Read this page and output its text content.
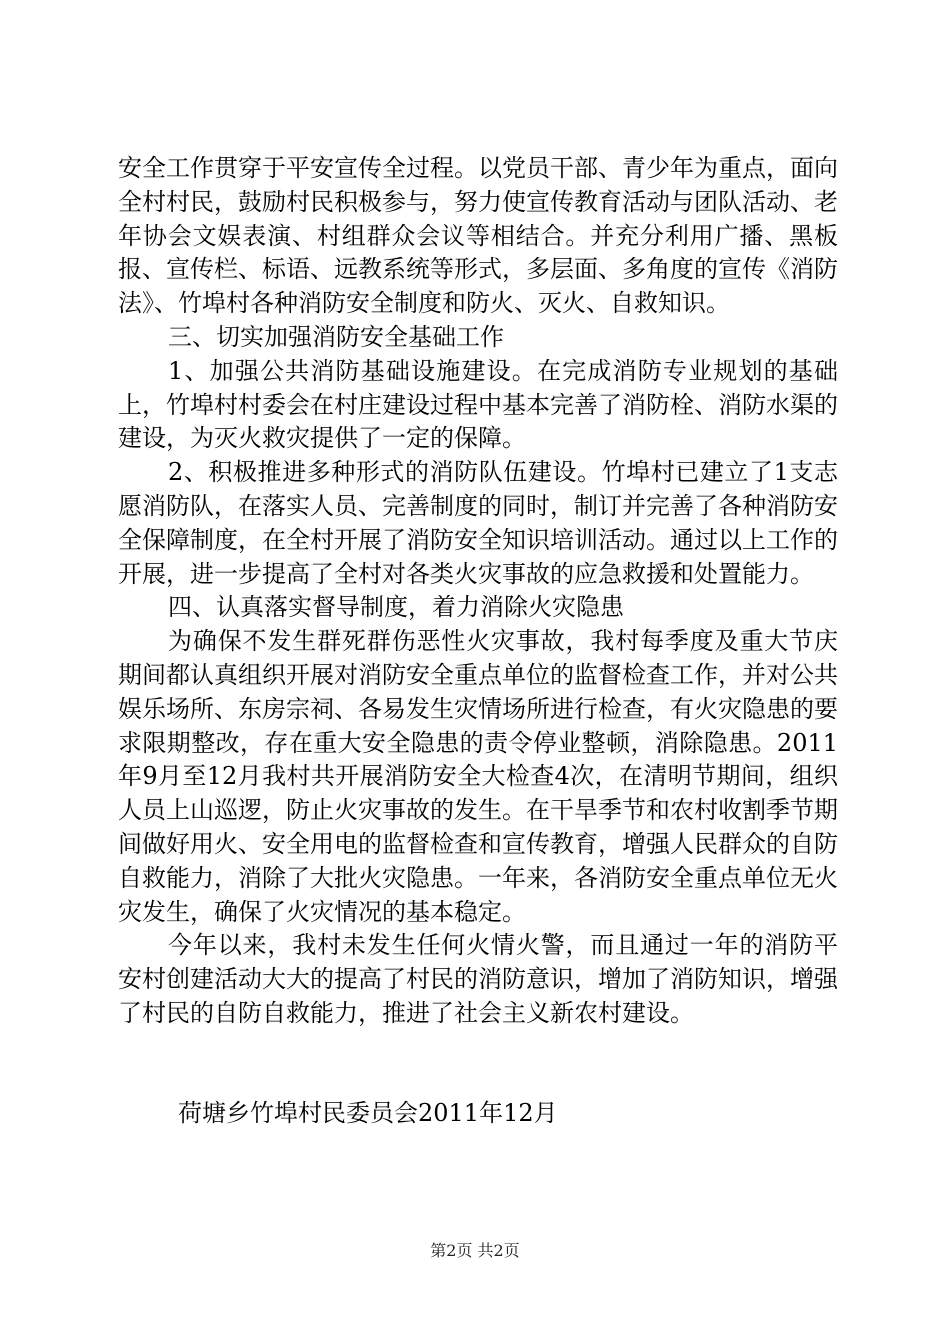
安全工作贯穿于平安宣传全过程。以党员干部、青少年为重点，面向全村村民，鼓励村民积极参与，努力使宣传教育活动与团队活动、老年协会文娱表演、村组群众会议等相结合。并充分利用广播、黑板报、宣传栏、标语、远教系统等形式，多层面、多角度的宣传《消防法》、竹埠村各种消防安全制度和防火、灭火、自救知识。

三、切实加强消防安全基础工作

1、加强公共消防基础设施建设。在完成消防专业规划的基础上，竹埠村村委会在村庄建设过程中基本完善了消防栓、消防水渠的建设，为灭火救灾提供了一定的保障。

2、积极推进多种形式的消防队伍建设。竹埠村已建立了1支志愿消防队，在落实人员、完善制度的同时，制订并完善了各种消防安全保障制度，在全村开展了消防安全知识培训活动。通过以上工作的开展，进一步提高了全村对各类火灾事故的应急救援和处置能力。

四、认真落实督导制度，着力消除火灾隐患

为确保不发生群死群伤恶性火灾事故，我村每季度及重大节庆期间都认真组织开展对消防安全重点单位的监督检查工作，并对公共娱乐场所、东房宗祠、各易发生灾情场所进行检查，有火灾隐患的要求限期整改，存在重大安全隐患的责令停业整顿，消除隐患。2011年9月至12月我村共开展消防安全大检查4次，在清明节期间，组织人员上山巡逻，防止火灾事故的发生。在干旱季节和农村收割季节期间做好用火、安全用电的监督检查和宣传教育，增强人民群众的自防自救能力，消除了大批火灾隐患。一年来，各消防安全重点单位无火灾发生，确保了火灾情况的基本稳定。

今年以来，我村未发生任何火情火警，而且通过一年的消防平安村创建活动大大的提高了村民的消防意识，增加了消防知识，增强了村民的自防自救能力，推进了社会主义新农村建设。

荷塘乡竹埠村民委员会2011年12月
第2页 共2页
